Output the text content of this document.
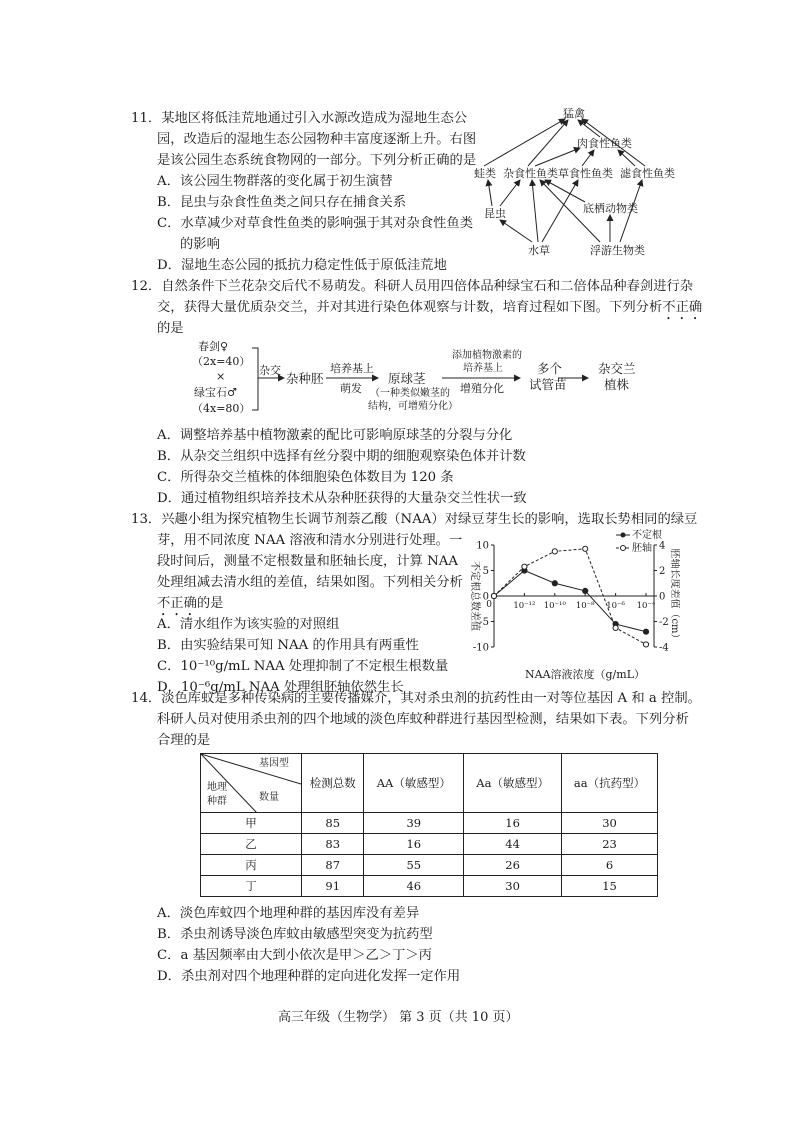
11．某地区将低洼荒地通过引入水源改造成为湿地生态公
园，改造后的湿地生态公园物种丰富度逐渐上升。右图
是该公园生态系统食物网的一部分。下列分析正确的是
A．该公园生物群落的变化属于初生演替
B．昆虫与杂食性鱼类之间只存在捕食关系
C．水草减少对草食性鱼类的影响强于其对杂食性鱼类
的影响
D．湿地生态公园的抵抗力稳定性低于原低洼荒地
猛禽
肉食性鱼类
蛙类 杂食性鱼类 草食性鱼类 滤食性鱼类
昆虫	底栖动物类
水草	浮游生物类
12．自然条件下兰花杂交后代不易萌发。科研人员用四倍体品种绿宝石和二倍体品种春剑进行杂
交，获得大量优质杂交兰，并对其进行染色体观察与计数，培育过程如下图。下列分析不正确
的是
春剑♀
（2x=40）
×
绿宝石♂
（4x=80）
杂交
杂种胚
培养基上
萌发
原球茎
（一种类似嫩茎的
结构，可增殖分化）
添加植物激素的
培养基上
增殖分化
多个
试管苗
杂交兰
植株
A．调整培养基中植物激素的配比可影响原球茎的分裂与分化
B．从杂交兰组织中选择有丝分裂中期的细胞观察染色体并计数
C．所得杂交兰植株的体细胞染色体数目为 120 条
D．通过植物组织培养技术从杂种胚获得的大量杂交兰性状一致
13．兴趣小组为探究植物生长调节剂萘乙酸（NAA）对绿豆芽生长的影响，选取长势相同的绿豆
芽，用不同浓度 NAA 溶液和清水分别进行处理。一
段时间后，测量不定根数量和胚轴长度，计算 NAA
处理组减去清水组的差值，结果如图。下列相关分析
不正确的是
A．清水组作为该实验的对照组
B．由实验结果可知 NAA 的作用具有两重性
C．10⁻¹⁰g/mL NAA 处理抑制了不定根生根数量
D．10⁻⁶g/mL NAA 处理组胚轴依然生长
-10
-5
0
5
10
-4
-2
0
2
4
0	10⁻¹² 10⁻¹⁰ 10⁻⁸ 10⁻⁶ 10⁻⁴
不定根总数差值	胚轴长度差值（cm）
不定根
胚轴
NAA溶液浓度（g/mL）
14．淡色库蚊是多种传染病的主要传播媒介，其对杀虫剂的抗药性由一对等位基因 A 和 a 控制。
科研人员对使用杀虫剂的四个地域的淡色库蚊种群进行基因型检测，结果如下表。下列分析
合理的是
基因型
数量
地理
种群	检测总数	AA（敏感型）	Aa（敏感型）	aa（抗药型）
甲	85	39	16	30
乙	83	16	44	23
丙	87	55	26	6
丁	91	46	30	15
A．淡色库蚊四个地理种群的基因库没有差异
B．杀虫剂诱导淡色库蚊由敏感型突变为抗药型
C．a 基因频率由大到小依次是甲＞乙＞丁＞丙
D．杀虫剂对四个地理种群的定向进化发挥一定作用
高三年级（生物学） 第 3 页（共 10 页）
